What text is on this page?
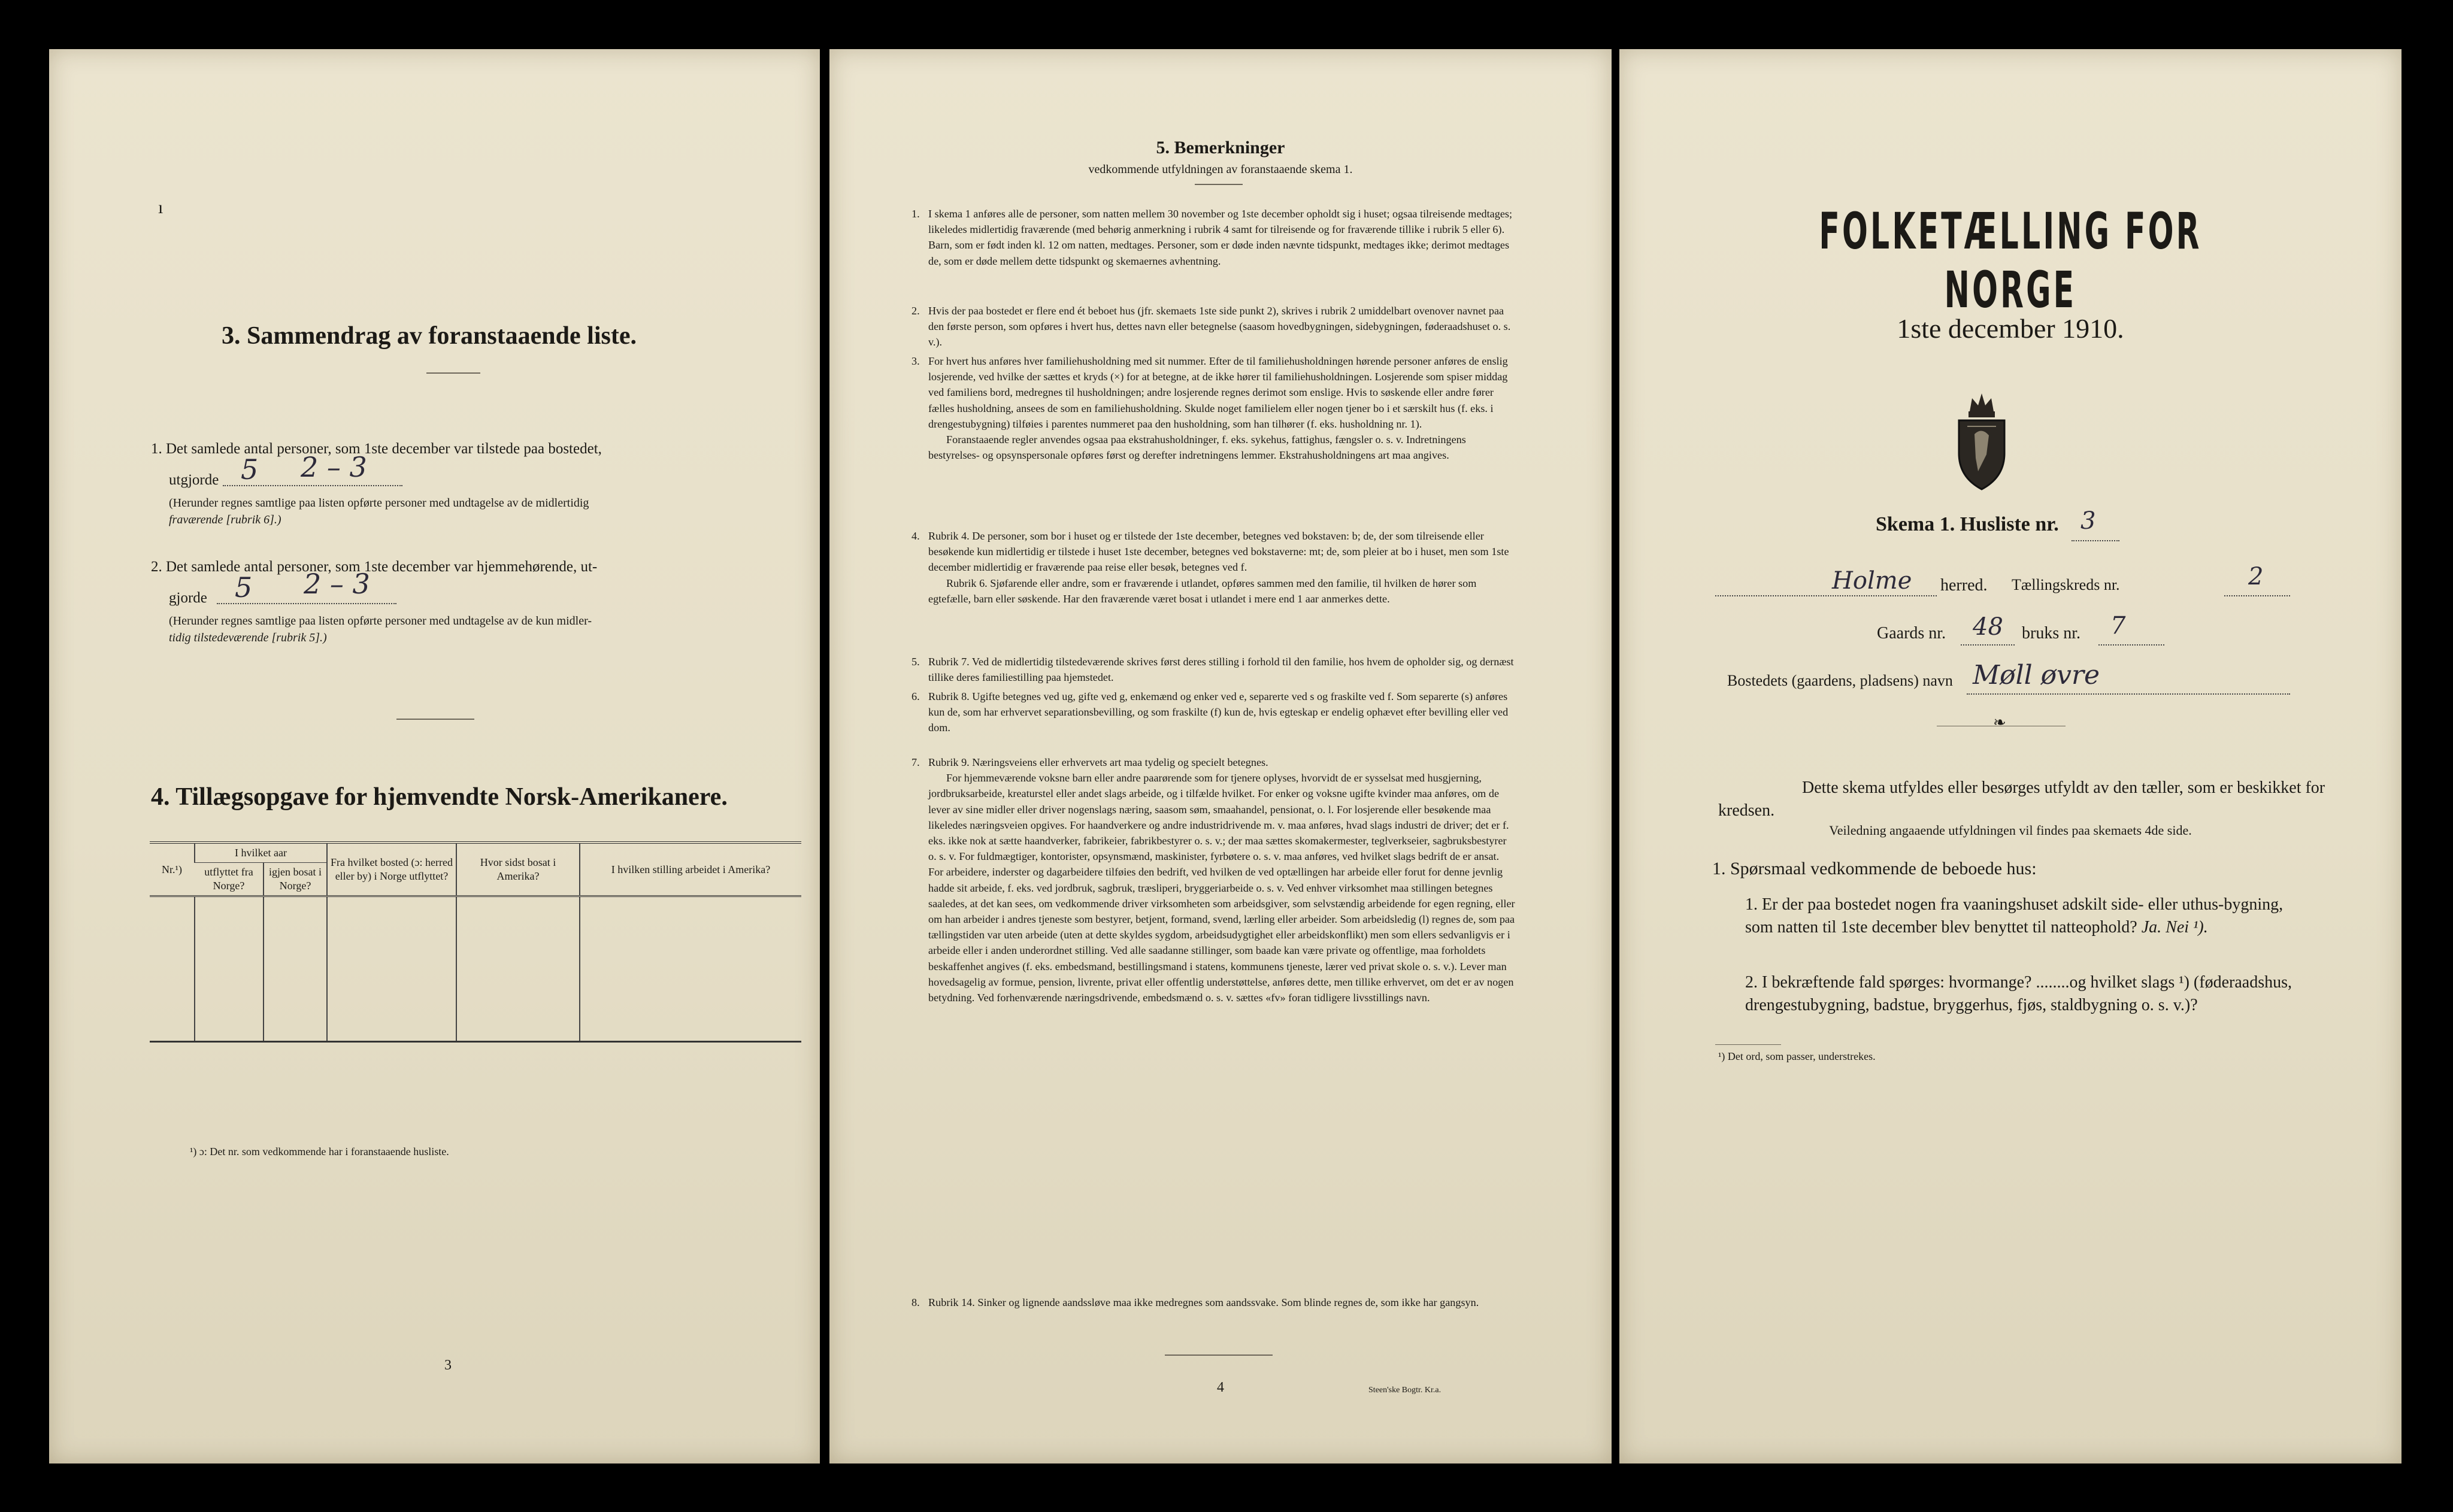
ı
3. Sammendrag av foranstaaende liste.
1. Det samlede antal personer, som 1ste december var tilstede paa bostedet,
utgjorde 5 2 – 3
(Herunder regnes samtlige paa listen opførte personer med undtagelse av de midlertidig
fraværende [rubrik 6].)
2. Det samlede antal personer, som 1ste december var hjemmehørende, ut-
gjorde 5 2 – 3
(Herunder regnes samtlige paa listen opførte personer med undtagelse av de kun midler-
tidig tilstedeværende [rubrik 5].)
4. Tillægsopgave for hjemvendte Norsk-Amerikanere.
Nr.¹)	I hvilket aar		Fra hvilket bosted (ɔ: herred eller by) i Norge utflyttet?	Hvor sidst bosat i Amerika?	I hvilken stilling arbeidet i Amerika?
	utflyttet fra Norge?	igjen bosat i Norge?			

¹) ɔ: Det nr. som vedkommende har i foranstaaende husliste.
3
5. Bemerkninger
vedkommende utfyldningen av foranstaaende skema 1.
1. I skema 1 anføres alle de personer, som natten mellem 30 november og 1ste december opholdt sig i huset; ogsaa tilreisende medtages; likeledes midlertidig fraværende (med behørig anmerkning i rubrik 4 samt for tilreisende og for fraværende tillike i rubrik 5 eller 6). Barn, som er født inden kl. 12 om natten, medtages. Personer, som er døde inden nævnte tidspunkt, medtages ikke; derimot medtages de, som er døde mellem dette tidspunkt og skemaernes avhentning.
2. Hvis der paa bostedet er flere end ét beboet hus (jfr. skemaets 1ste side punkt 2), skrives i rubrik 2 umiddelbart ovenover navnet paa den første person, som opføres i hvert hus, dettes navn eller betegnelse (saasom hovedbygningen, sidebygningen, føderaadshuset o. s. v.).
3. For hvert hus anføres hver familiehusholdning med sit nummer. Efter de til familiehusholdningen hørende personer anføres de enslig losjerende, ved hvilke der sættes et kryds (×) for at betegne, at de ikke hører til familiehusholdningen. Losjerende som spiser middag ved familiens bord, medregnes til husholdningen; andre losjerende regnes derimot som enslige. Hvis to søskende eller andre fører fælles husholdning, ansees de som en familiehusholdning. Skulde noget familielem eller nogen tjener bo i et særskilt hus (f. eks. i drengestubygning) tilføies i parentes nummeret paa den husholdning, som han tilhører (f. eks. husholdning nr. 1).
Foranstaaende regler anvendes ogsaa paa ekstrahusholdninger, f. eks. sykehus, fattighus, fængsler o. s. v. Indretningens bestyrelses- og opsynspersonale opføres først og derefter indretningens lemmer. Ekstrahusholdningens art maa angives.
4. Rubrik 4. De personer, som bor i huset og er tilstede der 1ste december, betegnes ved bokstaven: b; de, der som tilreisende eller besøkende kun midlertidig er tilstede i huset 1ste december, betegnes ved bokstaverne: mt; de, som pleier at bo i huset, men som 1ste december midlertidig er fraværende paa reise eller besøk, betegnes ved f.
Rubrik 6. Sjøfarende eller andre, som er fraværende i utlandet, opføres sammen med den familie, til hvilken de hører som egtefælle, barn eller søskende. Har den fraværende været bosat i utlandet i mere end 1 aar anmerkes dette.
5. Rubrik 7. Ved de midlertidig tilstedeværende skrives først deres stilling i forhold til den familie, hos hvem de opholder sig, og dernæst tillike deres familiestilling paa hjemstedet.
6. Rubrik 8. Ugifte betegnes ved ug, gifte ved g, enkemænd og enker ved e, separerte ved s og fraskilte ved f. Som separerte (s) anføres kun de, som har erhvervet separationsbevilling, og som fraskilte (f) kun de, hvis egteskap er endelig ophævet efter bevilling eller ved dom.
7. Rubrik 9. Næringsveiens eller erhvervets art maa tydelig og specielt betegnes.
For hjemmeværende voksne barn eller andre paarørende som for tjenere oplyses, hvorvidt de er sysselsat med husgjerning, jordbruksarbeide, kreaturstel eller andet slags arbeide, og i tilfælde hvilket. For enker og voksne ugifte kvinder maa anføres, om de lever av sine midler eller driver nogenslags næring, saasom søm, smaahandel, pensionat, o. l. For losjerende eller besøkende maa likeledes næringsveien opgives. For haandverkere og andre industridrivende m. v. maa anføres, hvad slags industri de driver; det er f. eks. ikke nok at sætte haandverker, fabrikeier, fabrikbestyrer o. s. v.; der maa sættes skomakermester, teglverkseier, sagbruksbestyrer o. s. v. For fuldmægtiger, kontorister, opsynsmænd, maskinister, fyrbøtere o. s. v. maa anføres, ved hvilket slags bedrift de er ansat. For arbeidere, inderster og dagarbeidere tilføies den bedrift, ved hvilken de ved optællingen har arbeide eller forut for denne jevnlig hadde sit arbeide, f. eks. ved jordbruk, sagbruk, træsliperi, bryggeriarbeide o. s. v. Ved enhver virksomhet maa stillingen betegnes saaledes, at det kan sees, om vedkommende driver virksomheten som arbeidsgiver, som selvstændig arbeidende for egen regning, eller om han arbeider i andres tjeneste som bestyrer, betjent, formand, svend, lærling eller arbeider. Som arbeidsledig (l) regnes de, som paa tællingstiden var uten arbeide (uten at dette skyldes sygdom, arbeidsudygtighet eller arbeidskonflikt) men som ellers sedvanligvis er i arbeide eller i anden underordnet stilling. Ved alle saadanne stillinger, som baade kan være private og offentlige, maa forholdets beskaffenhet angives (f. eks. embedsmand, bestillingsmand i statens, kommunens tjeneste, lærer ved privat skole o. s. v.). Lever man hovedsagelig av formue, pension, livrente, privat eller offentlig understøttelse, anføres dette, men tillike erhvervet, om det er av nogen betydning. Ved forhenværende næringsdrivende, embedsmænd o. s. v. sættes «fv» foran tidligere livsstillings navn.
8. Rubrik 14. Sinker og lignende aandssløve maa ikke medregnes som aandssvake. Som blinde regnes de, som ikke har gangsyn.
4	Steen'ske Bogtr. Kr.a.
FOLKETÆLLING FOR NORGE
1ste december 1910.
Skema 1. Husliste nr. 3
Holme herred. Tællingskreds nr.	2
Gaards nr. 48 bruks nr. 7
Bostedets (gaardens, pladsens) navn Møll øvre
❧
Dette skema utfyldes eller besørges utfyldt av den tæller, som er beskikket for kredsen.
Veiledning angaaende utfyldningen vil findes paa skemaets 4de side.
1. Spørsmaal vedkommende de beboede hus:
1. Er der paa bostedet nogen fra vaaningshuset adskilt side- eller uthus-bygning, som natten til 1ste december blev benyttet til natteophold? Ja. Nei ¹).
2. I bekræftende fald spørges: hvormange? ........og hvilket slags ¹) (føderaadshus, drengestubygning, badstue, bryggerhus, fjøs, staldbygning o. s. v.)?
¹) Det ord, som passer, understrekes.
